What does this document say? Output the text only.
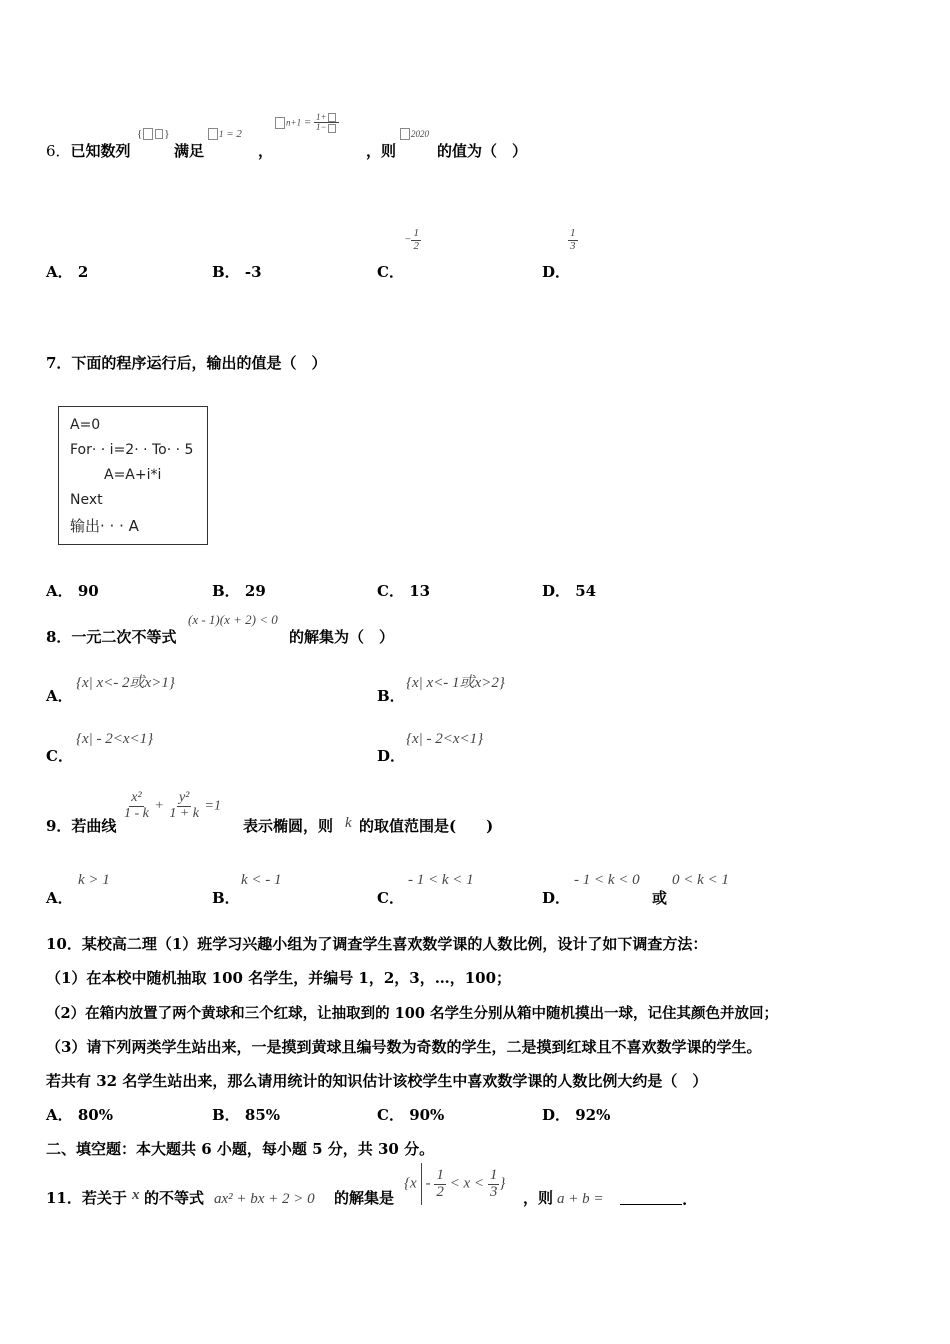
6．已知数列
{ }
满足
1 = 2
，
$n+1 = \frac{1+}{1-}$
，则
2020
的值为（　）
A． 2	B． -3	C．
− $\frac{1}{2}$
D．
$\frac{1}{3}$
7．下面的程序运行后，输出的值是（　）
A=0
For· · i=2· · To· · 5
A=A+i*i
Next
输出· · · A
A． 90	B． 29	C． 13	D． 54
8．一元二次不等式
(x - 1)(x + 2) < 0
的解集为（　）
A．
{x| x<- 2或x>1}
B．
{x| x<- 1或x>2}
C．
{x| - 2<x<1}
D．
{x| - 2<x<1}
9．若曲线
$\frac{\text{x²}}{1 - k} + \frac{\text{y²}}{1 + k} =1$
表示椭圆，则 k 的取值范围是(　　)
A．
k > 1
B．
k < - 1
C．
- 1 < k < 1
D．
- 1 < k < 0
或
0 < k < 1
10．某校高二理（1）班学习兴趣小组为了调查学生喜欢数学课的人数比例，设计了如下调查方法：
（1）在本校中随机抽取 100 名学生，并编号 1，2，3，…，100；
（2）在箱内放置了两个黄球和三个红球，让抽取到的 100 名学生分别从箱中随机摸出一球，记住其颜色并放回；
（3）请下列两类学生站出来，一是摸到黄球且编号数为奇数的学生，二是摸到红球且不喜欢数学课的学生。
若共有 32 名学生站出来，那么请用统计的知识估计该校学生中喜欢数学课的人数比例大约是（　）
A． 80%	B． 85%	C． 90%	D． 92%
二、填空题：本大题共 6 小题，每小题 5 分，共 30 分。
11．若关于 x 的不等式 ax² + bx + 2 > 0 的解集是
{$x - \frac{1}{2} < x < \frac{1}{3}$ }
，则 a + b =	.
